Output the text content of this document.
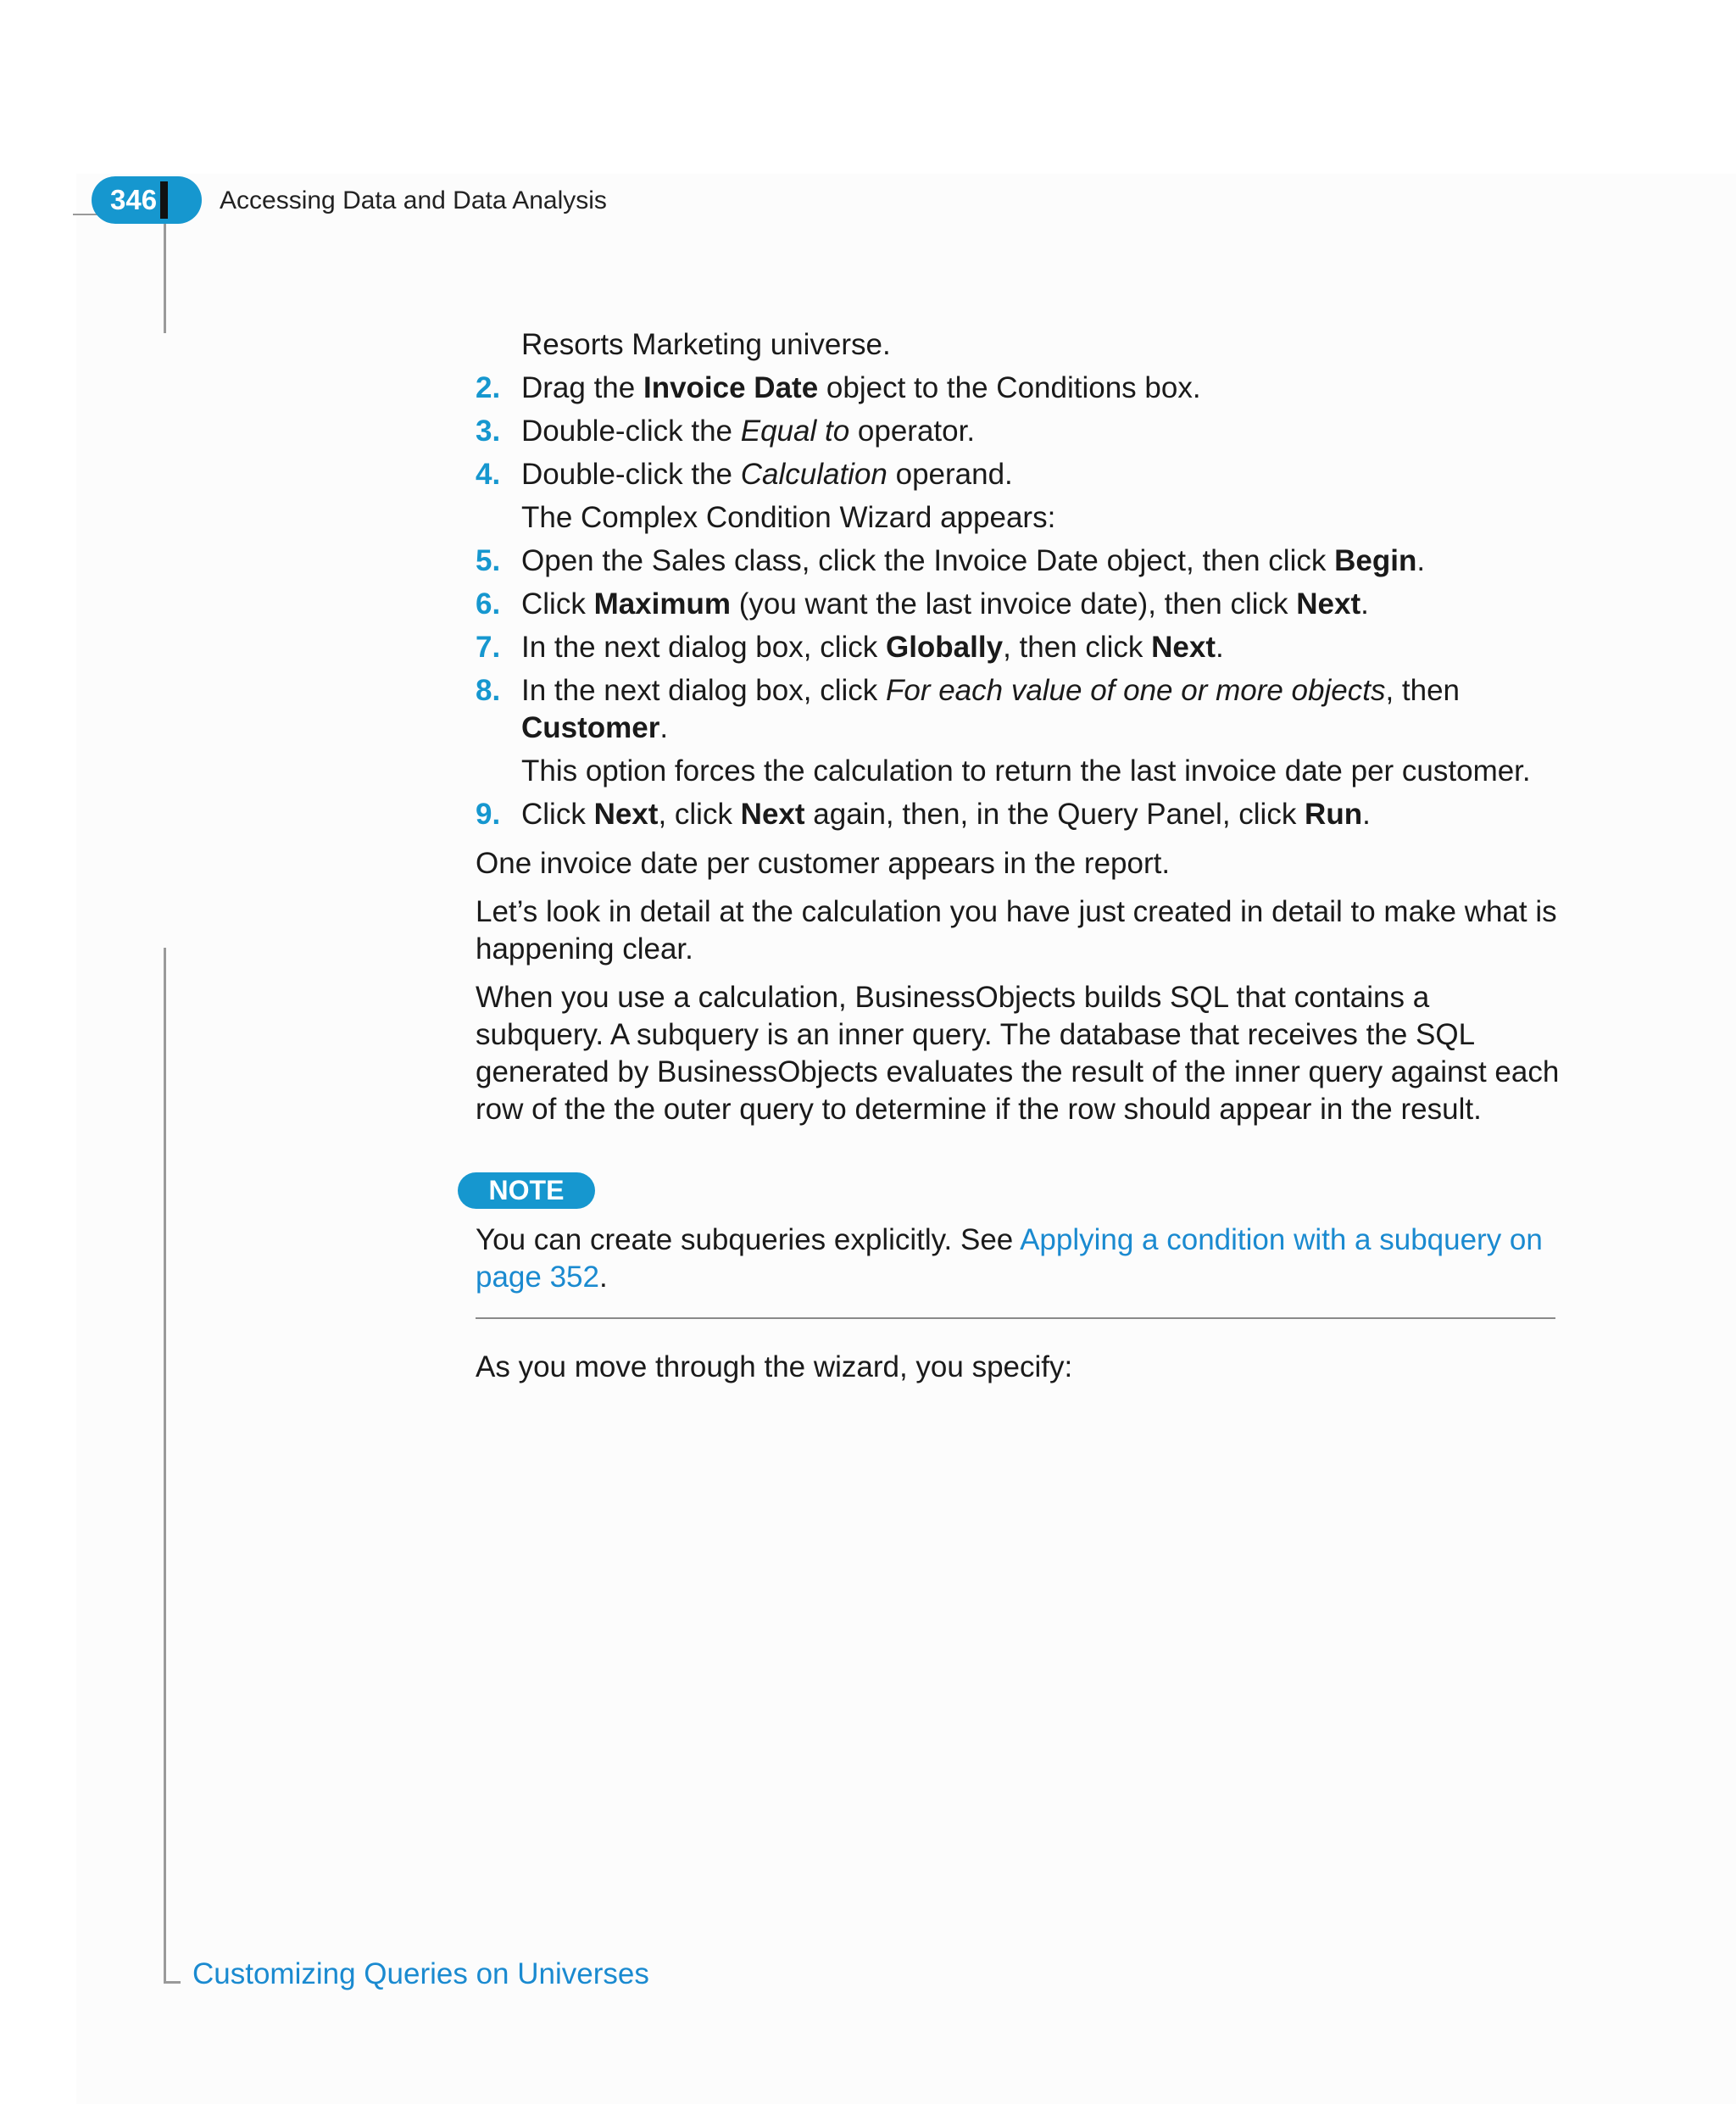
346 Accessing Data and Data Analysis
Resorts Marketing universe.
2. Drag the Invoice Date object to the Conditions box.
3. Double-click the Equal to operator.
4. Double-click the Calculation operand.
The Complex Condition Wizard appears:
5. Open the Sales class, click the Invoice Date object, then click Begin.
6. Click Maximum (you want the last invoice date), then click Next.
7. In the next dialog box, click Globally, then click Next.
8. In the next dialog box, click For each value of one or more objects, then
Customer.
This option forces the calculation to return the last invoice date per customer.
9. Click Next, click Next again, then, in the Query Panel, click Run.
One invoice date per customer appears in the report.
Let’s look in detail at the calculation you have just created in detail to make what is happening clear.
When you use a calculation, BusinessObjects builds SQL that contains a subquery. A subquery is an inner query. The database that receives the SQL generated by BusinessObjects evaluates the result of the inner query against each row of the the outer query to determine if the row should appear in the result.
NOTE
You can create subqueries explicitly. See Applying a condition with a subquery on page 352.
As you move through the wizard, you specify:
Customizing Queries on Universes
